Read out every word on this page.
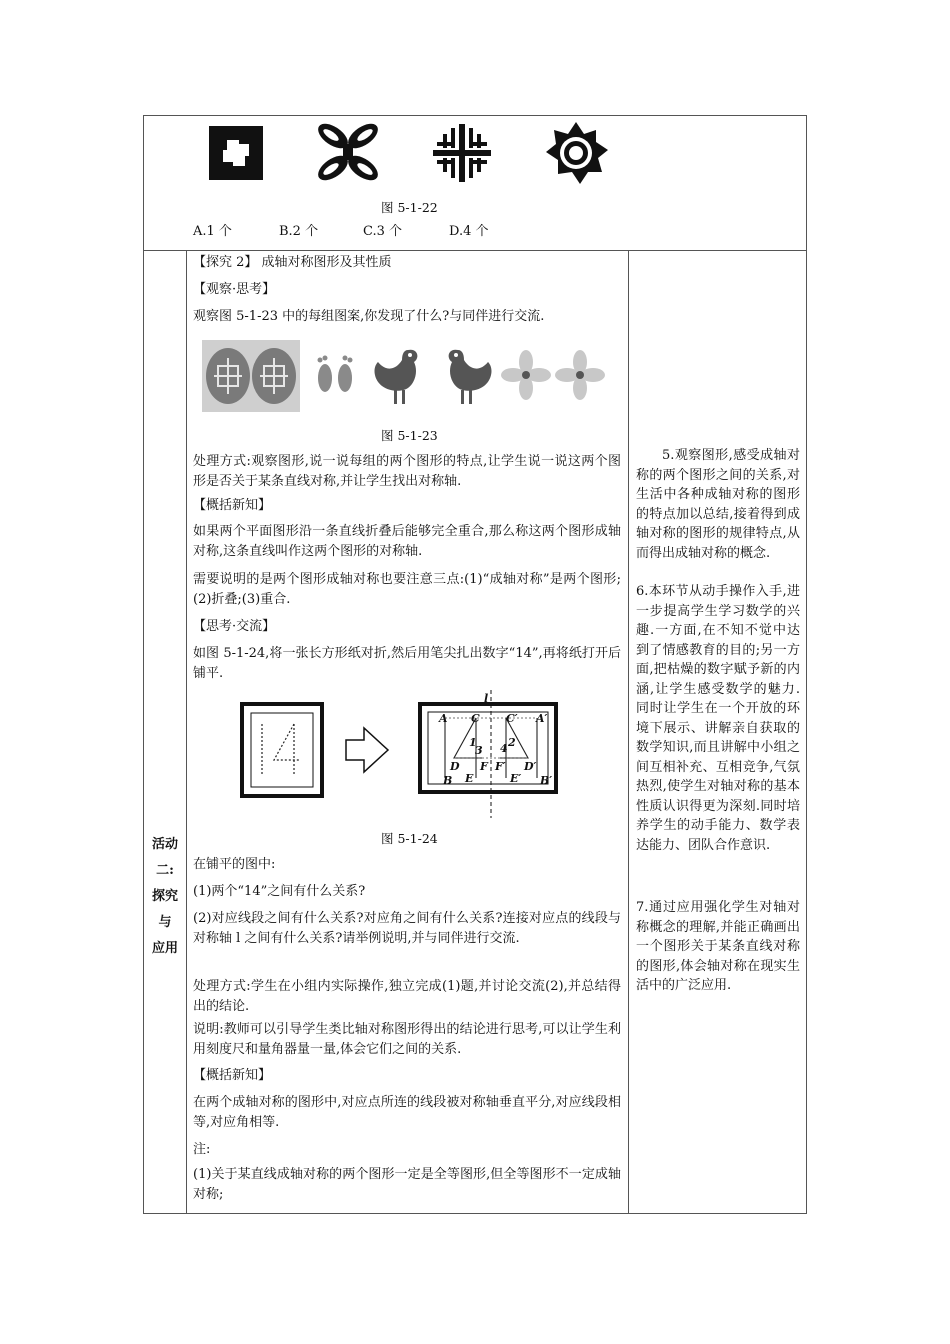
图 5-1-22
A.1 个	B.2 个	C.3 个	D.4 个
【探究 2】 成轴对称图形及其性质
【观察·思考】
观察图 5-1-23 中的每组图案,你发现了什么?与同伴进行交流.
图 5-1-23
处理方式:观察图形,说一说每组的两个图形的特点,让学生说一说这两个图形是否关于某条直线对称,并让学生找出对称轴.
【概括新知】
如果两个平面图形沿一条直线折叠后能够完全重合,那么称这两个图形成轴对称,这条直线叫作这两个图形的对称轴.
需要说明的是两个图形成轴对称也要注意三点:(1)“成轴对称”是两个图形;(2)折叠;(3)重合.
【思考·交流】
如图 5-1-24,将一张长方形纸对折,然后用笔尖扎出数字“14”,再将纸打开后铺平.
l
A C
B E
D F
1
3
C′ A′
B′
E′
D′
F′
4 2
图 5-1-24
在铺平的图中:
(1)两个“14”之间有什么关系?
(2)对应线段之间有什么关系?对应角之间有什么关系?连接对应点的线段与对称轴 l 之间有什么关系?请举例说明,并与同伴进行交流.
处理方式:学生在小组内实际操作,独立完成(1)题,并讨论交流(2),并总结得出的结论.
说明:教师可以引导学生类比轴对称图形得出的结论进行思考,可以让学生利用刻度尺和量角器量一量,体会它们之间的关系.
【概括新知】
在两个成轴对称的图形中,对应点所连的线段被对称轴垂直平分,对应线段相等,对应角相等.
注:
(1)关于某直线成轴对称的两个图形一定是全等图形,但全等图形不一定成轴对称;
活动
二:
探究
与
应用
5.观察图形,感受成轴对称的两个图形之间的关系,对生活中各种成轴对称的图形的特点加以总结,接着得到成轴对称的图形的规律特点,从而得出成轴对称的概念.
6.本环节从动手操作入手,进一步提高学生学习数学的兴趣.一方面,在不知不觉中达到了情感教育的目的;另一方面,把枯燥的数字赋予新的内涵,让学生感受数学的魅力.同时让学生在一个开放的环境下展示、讲解亲自获取的数学知识,而且讲解中小组之间互相补充、互相竞争,气氛热烈,使学生对轴对称的基本性质认识得更为深刻.同时培养学生的动手能力、数学表达能力、团队合作意识.
7.通过应用强化学生对轴对称概念的理解,并能正确画出一个图形关于某条直线对称的图形,体会轴对称在现实生活中的广泛应用.
